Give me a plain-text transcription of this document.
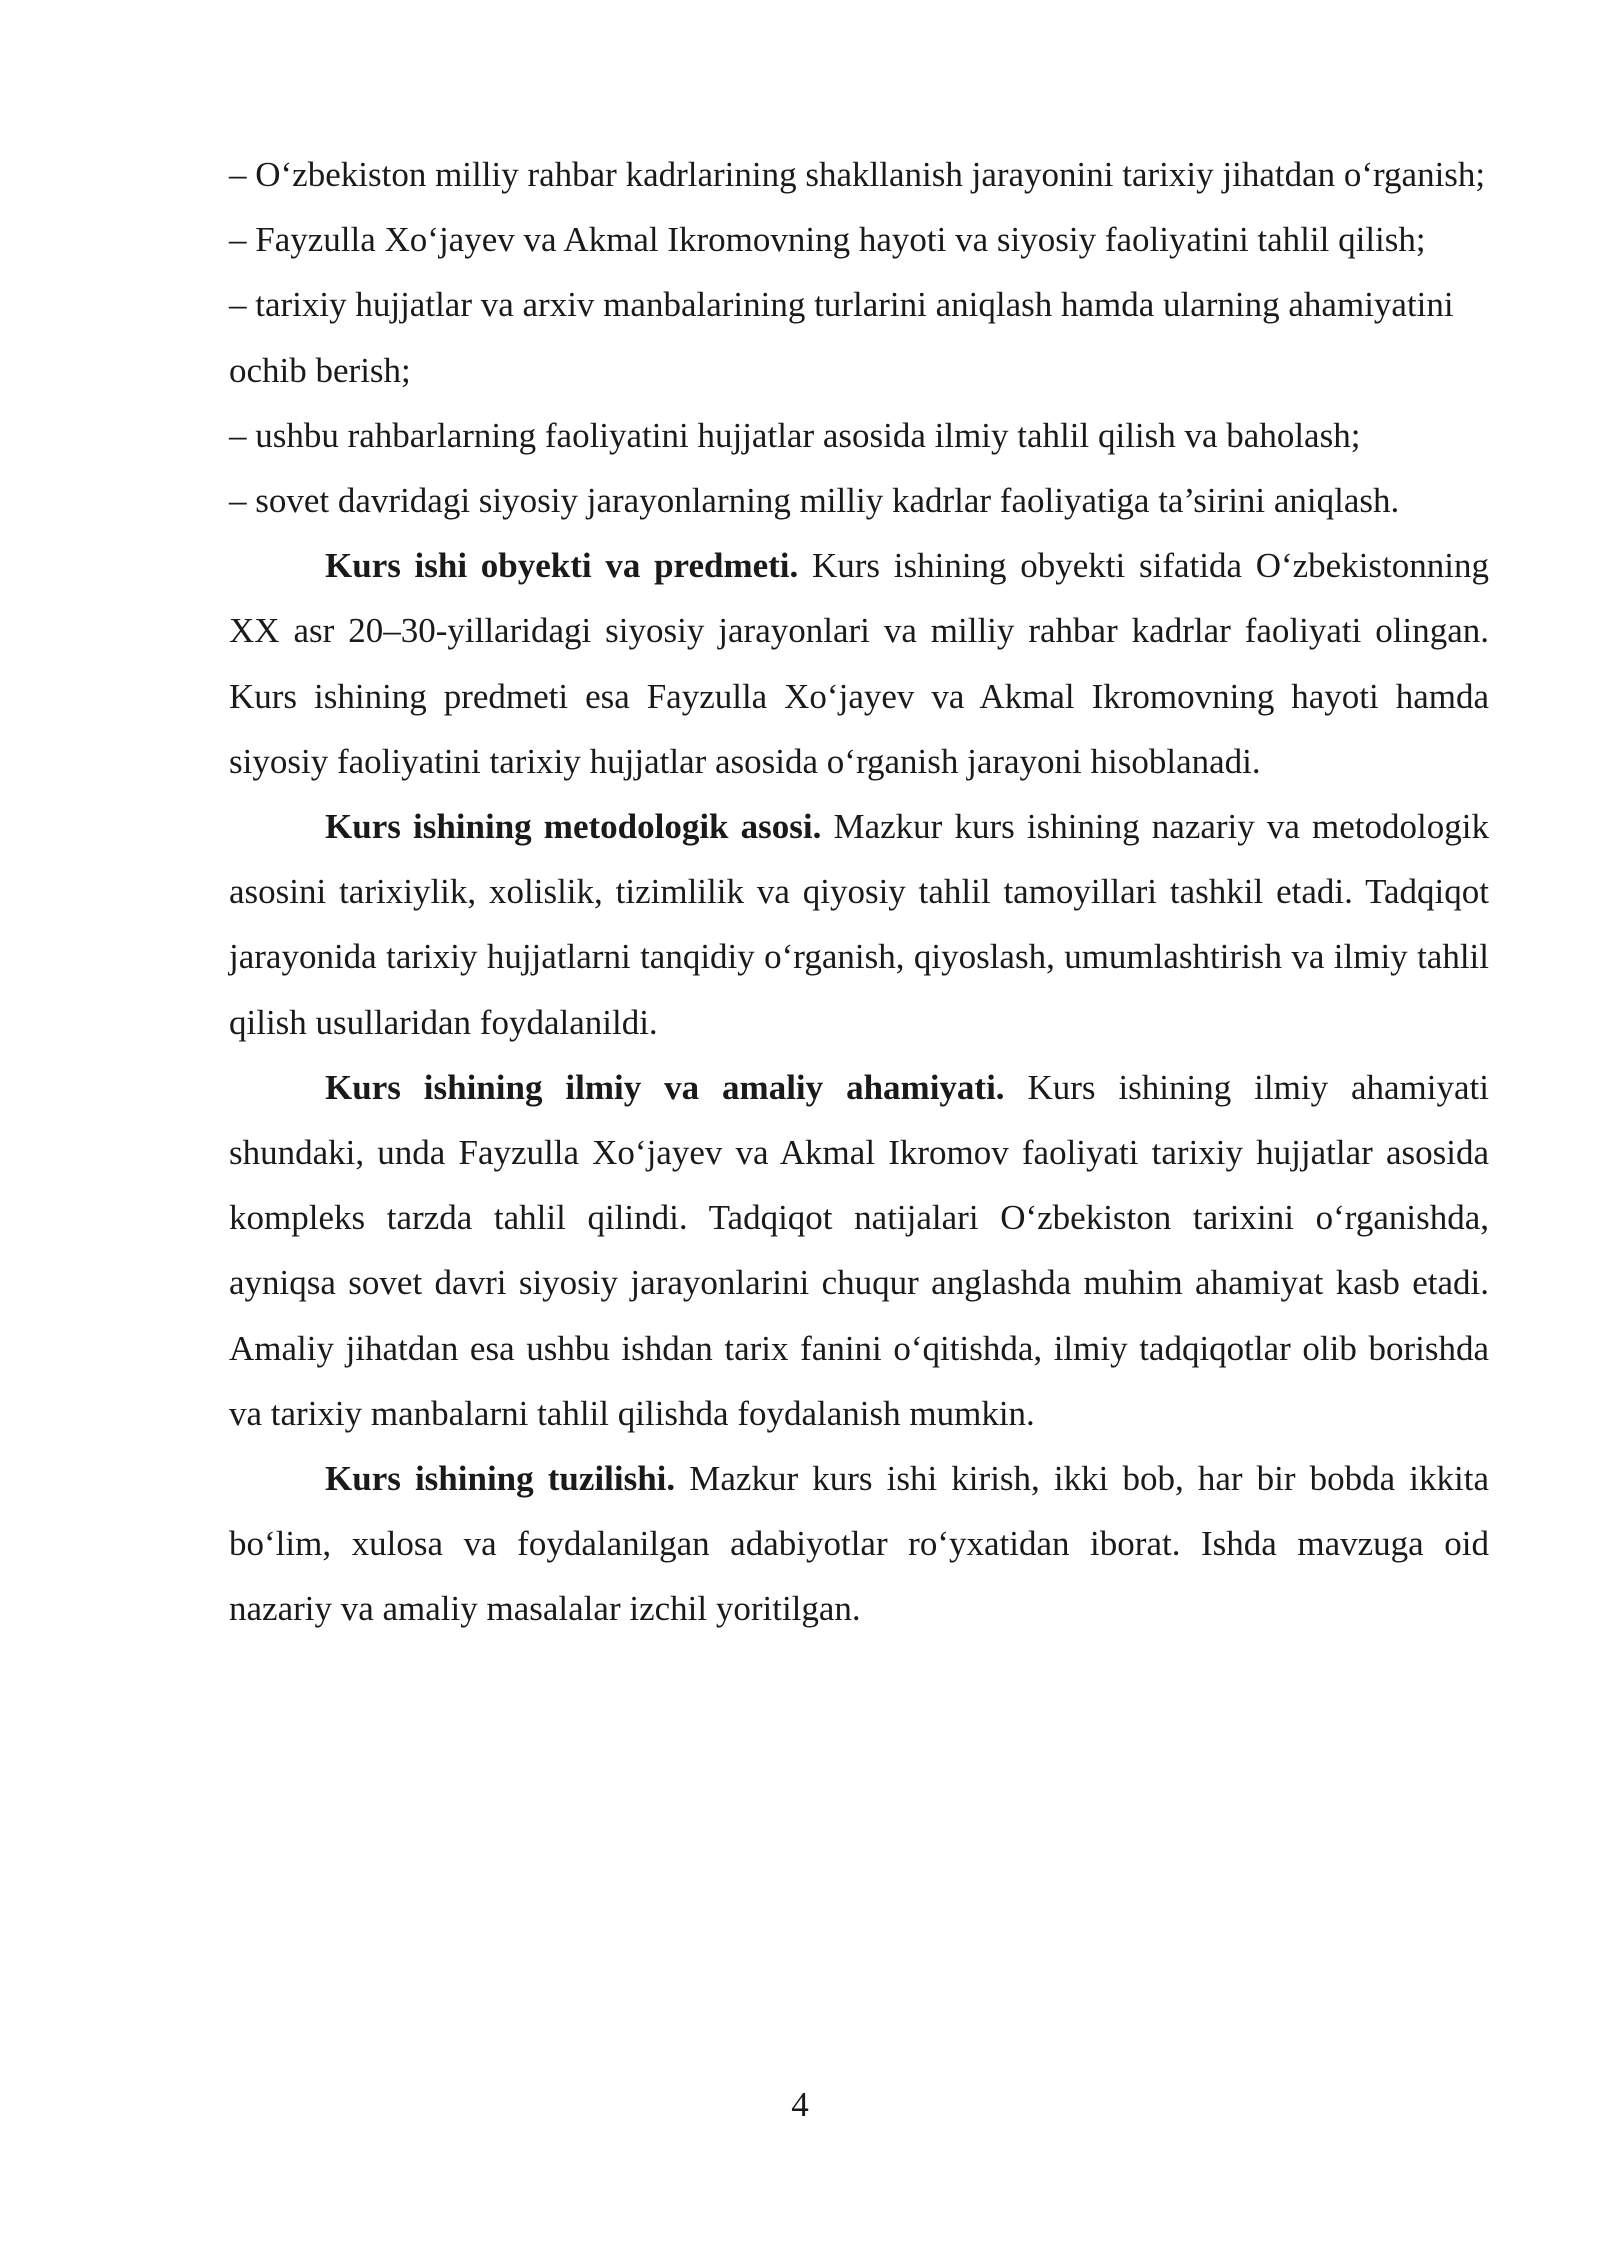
– O‘zbekiston milliy rahbar kadrlarining shakllanish jarayonini tarixiy jihatdan o‘rganish;

– Fayzulla Xo‘jayev va Akmal Ikromovning hayoti va siyosiy faoliyatini tahlil qilish;

– tarixiy hujjatlar va arxiv manbalarining turlarini aniqlash hamda ularning ahamiyatini ochib berish;

– ushbu rahbarlarning faoliyatini hujjatlar asosida ilmiy tahlil qilish va baholash;

– sovet davridagi siyosiy jarayonlarning milliy kadrlar faoliyatiga ta’sirini aniqlash.

Kurs ishi obyekti va predmeti. Kurs ishining obyekti sifatida O‘zbekistonning XX asr 20–30-yillaridagi siyosiy jarayonlari va milliy rahbar kadrlar faoliyati olingan. Kurs ishining predmeti esa Fayzulla Xo‘jayev va Akmal Ikromovning hayoti hamda siyosiy faoliyatini tarixiy hujjatlar asosida o‘rganish jarayoni hisoblanadi.

Kurs ishining metodologik asosi. Mazkur kurs ishining nazariy va metodologik asosini tarixiylik, xolislik, tizimlilik va qiyosiy tahlil tamoyillari tashkil etadi. Tadqiqot jarayonida tarixiy hujjatlarni tanqidiy o‘rganish, qiyoslash, umumlashtirish va ilmiy tahlil qilish usullaridan foydalanildi.

Kurs ishining ilmiy va amaliy ahamiyati. Kurs ishining ilmiy ahamiyati shundaki, unda Fayzulla Xo‘jayev va Akmal Ikromov faoliyati tarixiy hujjatlar asosida kompleks tarzda tahlil qilindi. Tadqiqot natijalari O‘zbekiston tarixini o‘rganishda, ayniqsa sovet davri siyosiy jarayonlarini chuqur anglashda muhim ahamiyat kasb etadi. Amaliy jihatdan esa ushbu ishdan tarix fanini o‘qitishda, ilmiy tadqiqotlar olib borishda va tarixiy manbalarni tahlil qilishda foydalanish mumkin.

Kurs ishining tuzilishi. Mazkur kurs ishi kirish, ikki bob, har bir bobda ikkita bo‘lim, xulosa va foydalanilgan adabiyotlar ro‘yxatidan iborat. Ishda mavzuga oid nazariy va amaliy masalalar izchil yoritilgan.

4
